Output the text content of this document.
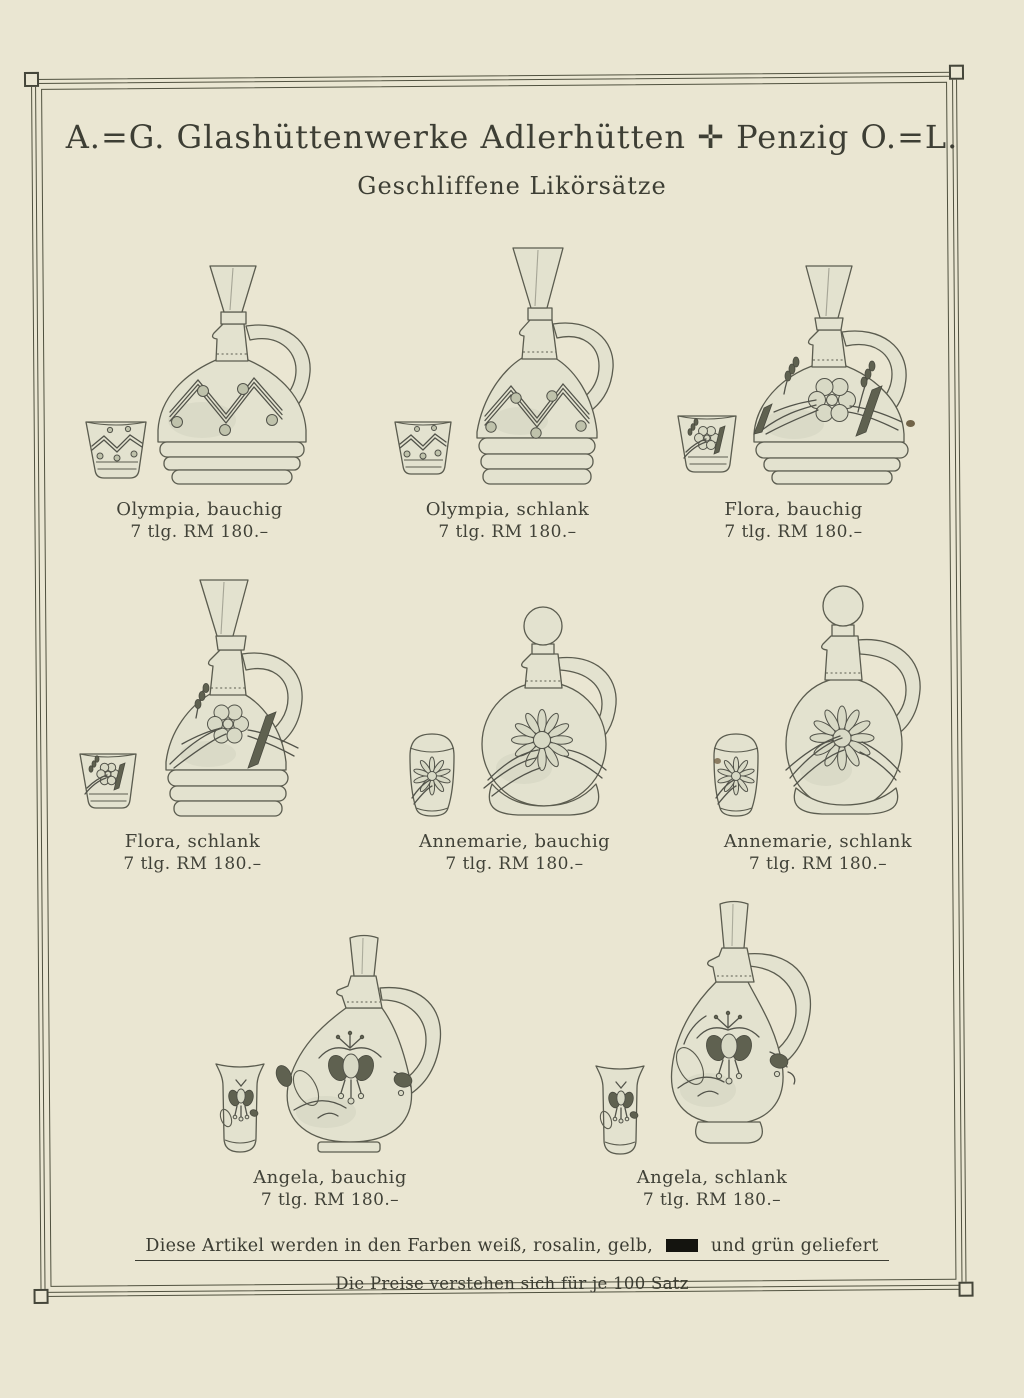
A.=G. Glashüttenwerke Adlerhütten ✛ Penzig O.=L.
Geschliffene Likörsätze
Olympia, bauchig
7 tlg. RM 180.–
Olympia, schlank
7 tlg. RM 180.–
Flora, bauchig
7 tlg. RM 180.–
Flora, schlank
7 tlg. RM 180.–
Annemarie, bauchig
7 tlg. RM 180.–
Annemarie, schlank
7 tlg. RM 180.–
Angela, bauchig
7 tlg. RM 180.–
Angela, schlank
7 tlg. RM 180.–
Diese Artikel werden in den Farben weiß, rosalin, gelb,	und grün geliefert
Die Preise verstehen sich für je 100 Satz
